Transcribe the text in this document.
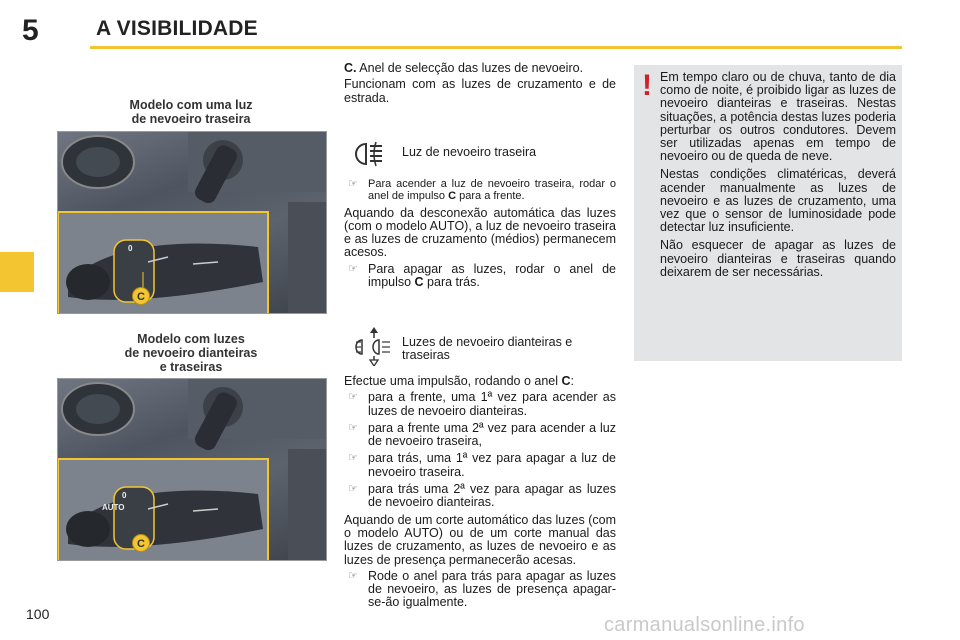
5	A VISIBILIDADE
100
Modelo com uma luz
de nevoeiro traseira
0
C
Modelo com luzes
de nevoeiro dianteiras
e traseiras
0
AUTO
C

C. Anel de selecção das luzes de nevoeiro.

Funcionam com as luzes de cruzamento e de estrada.

Luz de nevoeiro traseira
☞ Para acender a luz de nevoeiro traseira, rodar o anel de impulso C para a frente.

Aquando da desconexão automática das luzes (com o modelo AUTO), a luz de nevoeiro traseira e as luzes de cruzamento (médios) permanecem acesos.

☞ Para apagar as luzes, rodar o anel de impulso C para trás.
Luzes de nevoeiro dianteiras e traseiras

Efectue uma impulsão, rodando o anel C:

☞ para a frente, uma 1ª vez para acender as luzes de nevoeiro dianteiras.
☞ para a frente uma 2ª vez para acender a luz de nevoeiro traseira,
☞ para trás, uma 1ª vez para apagar a luz de nevoeiro traseira.
☞ para trás uma 2ª vez para apagar as luzes de nevoeiro dianteiras.

Aquando de um corte automático das luzes (com o modelo AUTO) ou de um corte manual das luzes de cruzamento, as luzes de nevoeiro e as luzes de presença permanecerão acesas.

☞ Rode o anel para trás para apagar as luzes de nevoeiro, as luzes de presença apagar-se-ão igualmente.
! Em tempo claro ou de chuva, tanto de dia como de noite, é proibido ligar as luzes de nevoeiro dianteiras e traseiras. Nestas situações, a potência destas luzes poderia perturbar os outros condutores. Devem ser utilizadas apenas em tempo de nevoeiro ou de queda de neve.

Nestas condições climatéricas, deverá acender manualmente as luzes de nevoeiro e as luzes de cruzamento, uma vez que o sensor de luminosidade pode detectar luz insuficiente.

Não esquecer de apagar as luzes de nevoeiro dianteiras e traseiras quando deixarem de ser necessárias.

carmanualsonline.info
